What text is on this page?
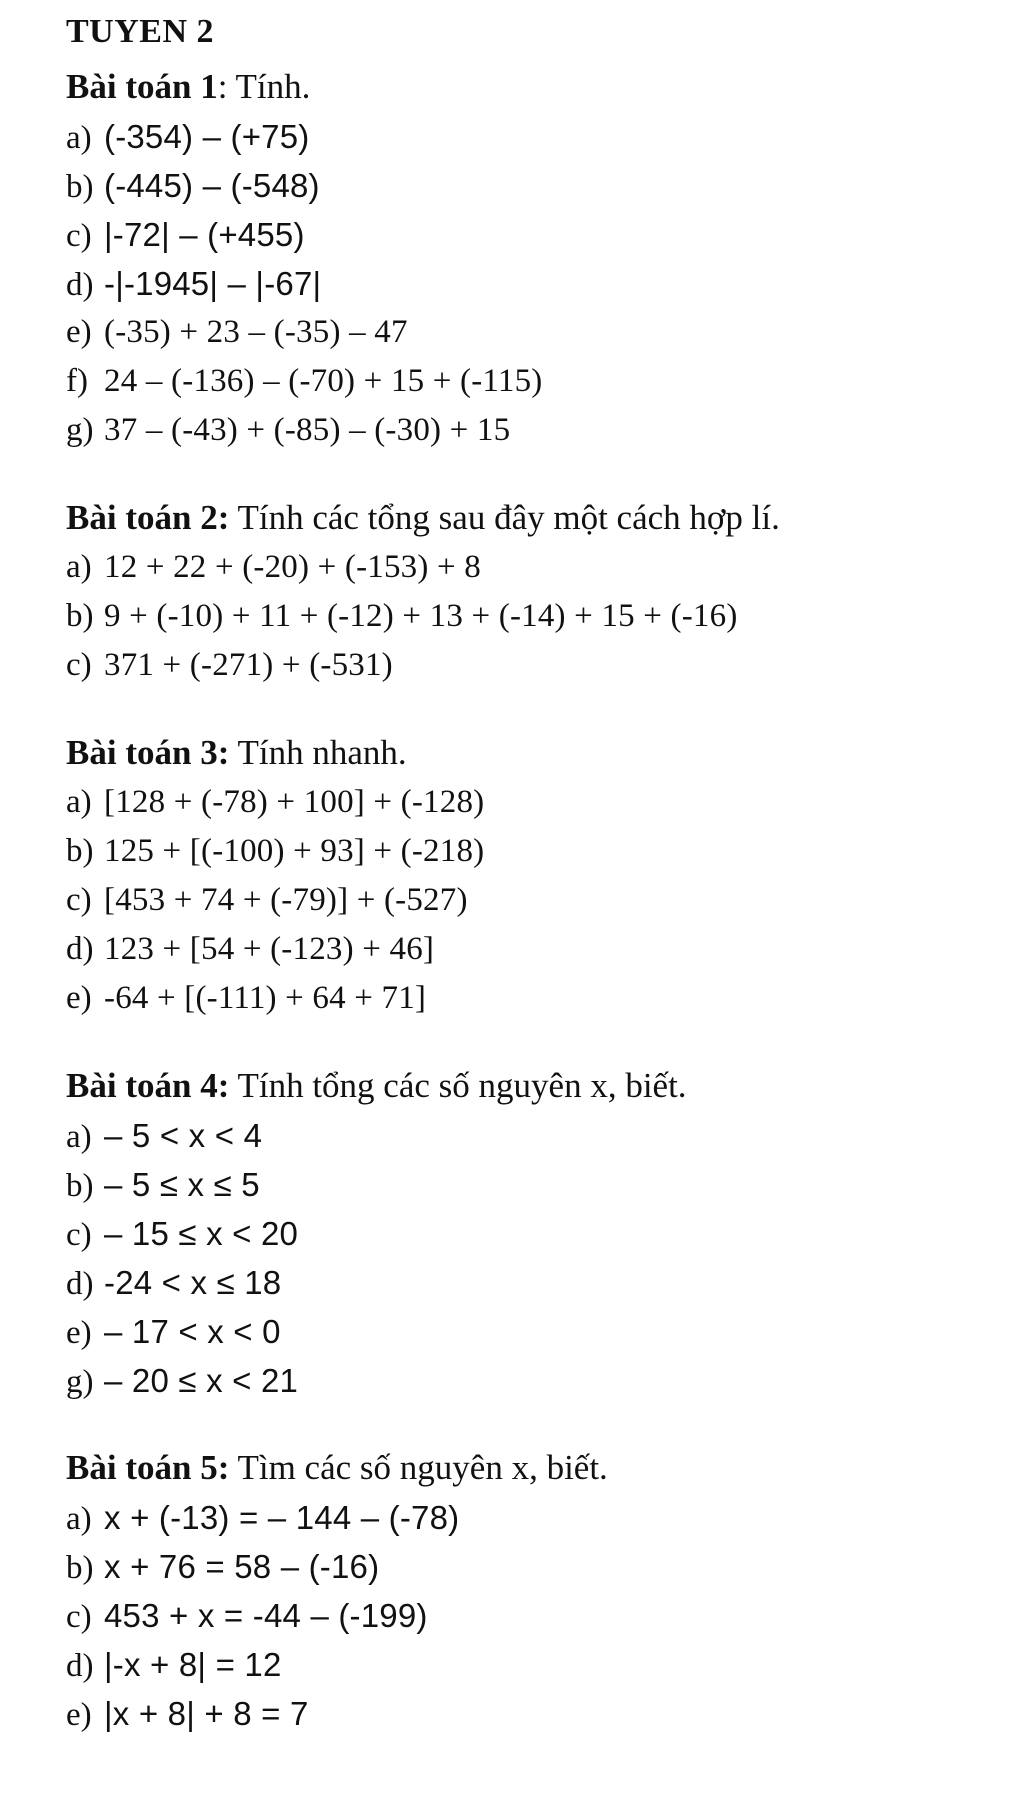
TUYEN 2
Bài toán 1: Tính.
a) (-354) – (+75)
b) (-445) – (-548)
c) |-72| – (+455)
d) -|-1945| – |-67|
e) (-35) + 23 – (-35) – 47
f) 24 – (-136) – (-70) + 15 + (-115)
g) 37 – (-43) + (-85) – (-30) + 15
Bài toán 2: Tính các tổng sau đây một cách hợp lí.
a) 12 + 22 + (-20) + (-153) + 8
b) 9 + (-10) + 11 + (-12) + 13 + (-14) + 15 + (-16)
c) 371 + (-271) + (-531)
Bài toán 3: Tính nhanh.
a) [128 + (-78) + 100] + (-128)
b) 125 + [(-100) + 93] + (-218)
c) [453 + 74 + (-79)] + (-527)
d) 123 + [54 + (-123) + 46]
e) -64 + [(-111) + 64 + 71]
Bài toán 4: Tính tổng các số nguyên x, biết.
a) – 5 < x < 4
b) – 5 ≤ x ≤ 5
c) – 15 ≤ x < 20
d) -24 < x ≤ 18
e) – 17 < x < 0
g) – 20 ≤ x < 21
Bài toán 5: Tìm các số nguyên x, biết.
a) x + (-13) = – 144 – (-78)
b) x + 76 = 58 – (-16)
c) 453 + x = -44 – (-199)
d) |-x + 8| = 12
e) |x + 8| + 8 = 7
